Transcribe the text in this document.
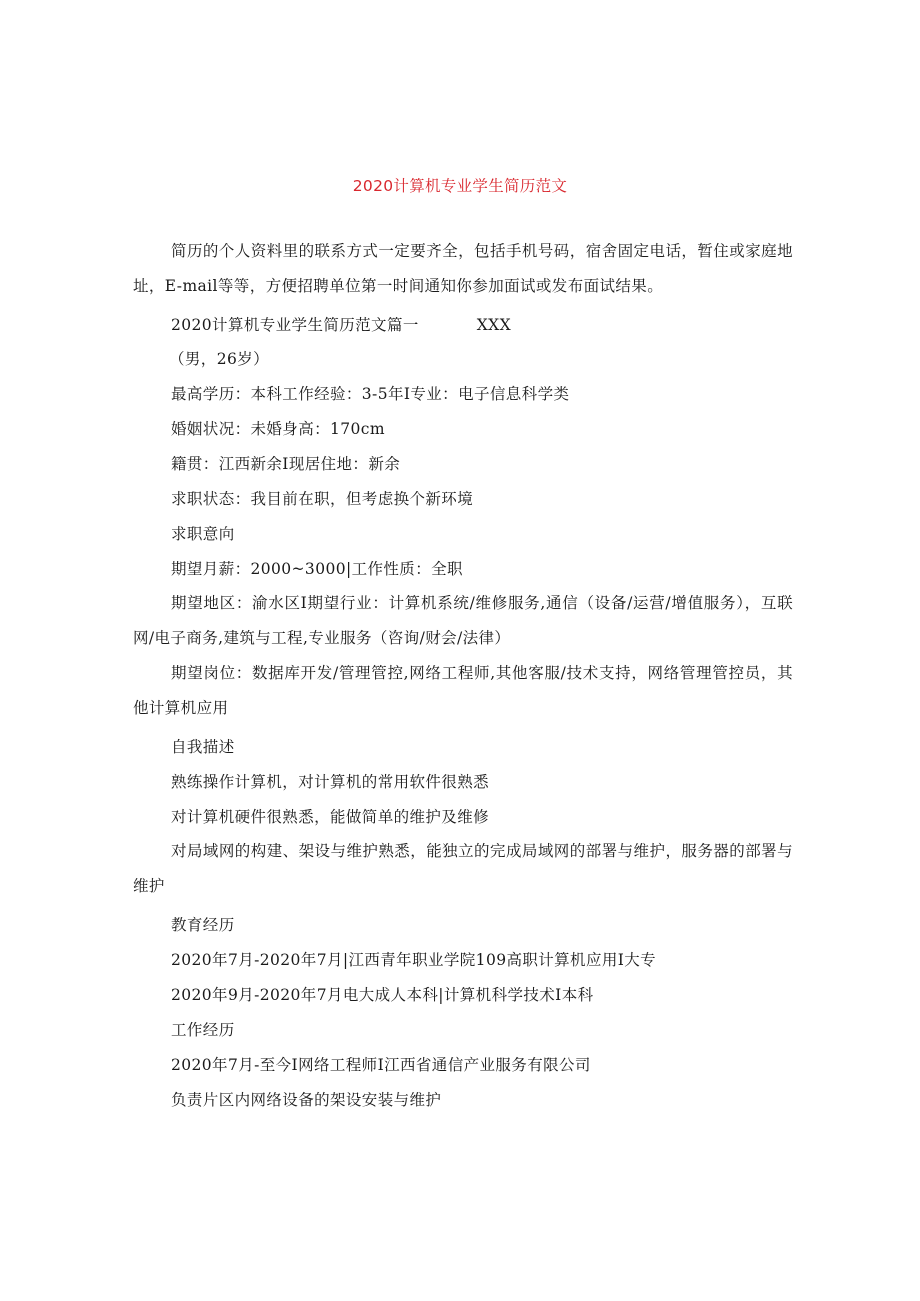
2020计算机专业学生简历范文
简历的个人资料里的联系方式一定要齐全，包括手机号码，宿舍固定电话，暂住或家庭地址，E-mail等等，方便招聘单位第一时间通知你参加面试或发布面试结果。
2020计算机专业学生简历范文篇一	XXX
（男，26岁）
最高学历：本科工作经验：3-5年I专业：电子信息科学类
婚姻状况：未婚身高：170cm
籍贯：江西新余I现居住地：新余
求职状态：我目前在职，但考虑换个新环境
求职意向
期望月薪：2000~3000|工作性质：全职
期望地区：渝水区I期望行业：计算机系统/维修服务,通信（设备/运营/增值服务），互联网/电子商务,建筑与工程,专业服务（咨询/财会/法律）
期望岗位：数据库开发/管理管控,网络工程师,其他客服/技术支持，网络管理管控员，其他计算机应用
自我描述
熟练操作计算机，对计算机的常用软件很熟悉
对计算机硬件很熟悉，能做简单的维护及维修
对局域网的构建、架设与维护熟悉，能独立的完成局域网的部署与维护，服务器的部署与维护
教育经历
2020年7月-2020年7月|江西青年职业学院109高职计算机应用I大专
2020年9月-2020年7月电大成人本科|计算机科学技术I本科
工作经历
2020年7月-至今I网络工程师I江西省通信产业服务有限公司
负责片区内网络设备的架设安装与维护
